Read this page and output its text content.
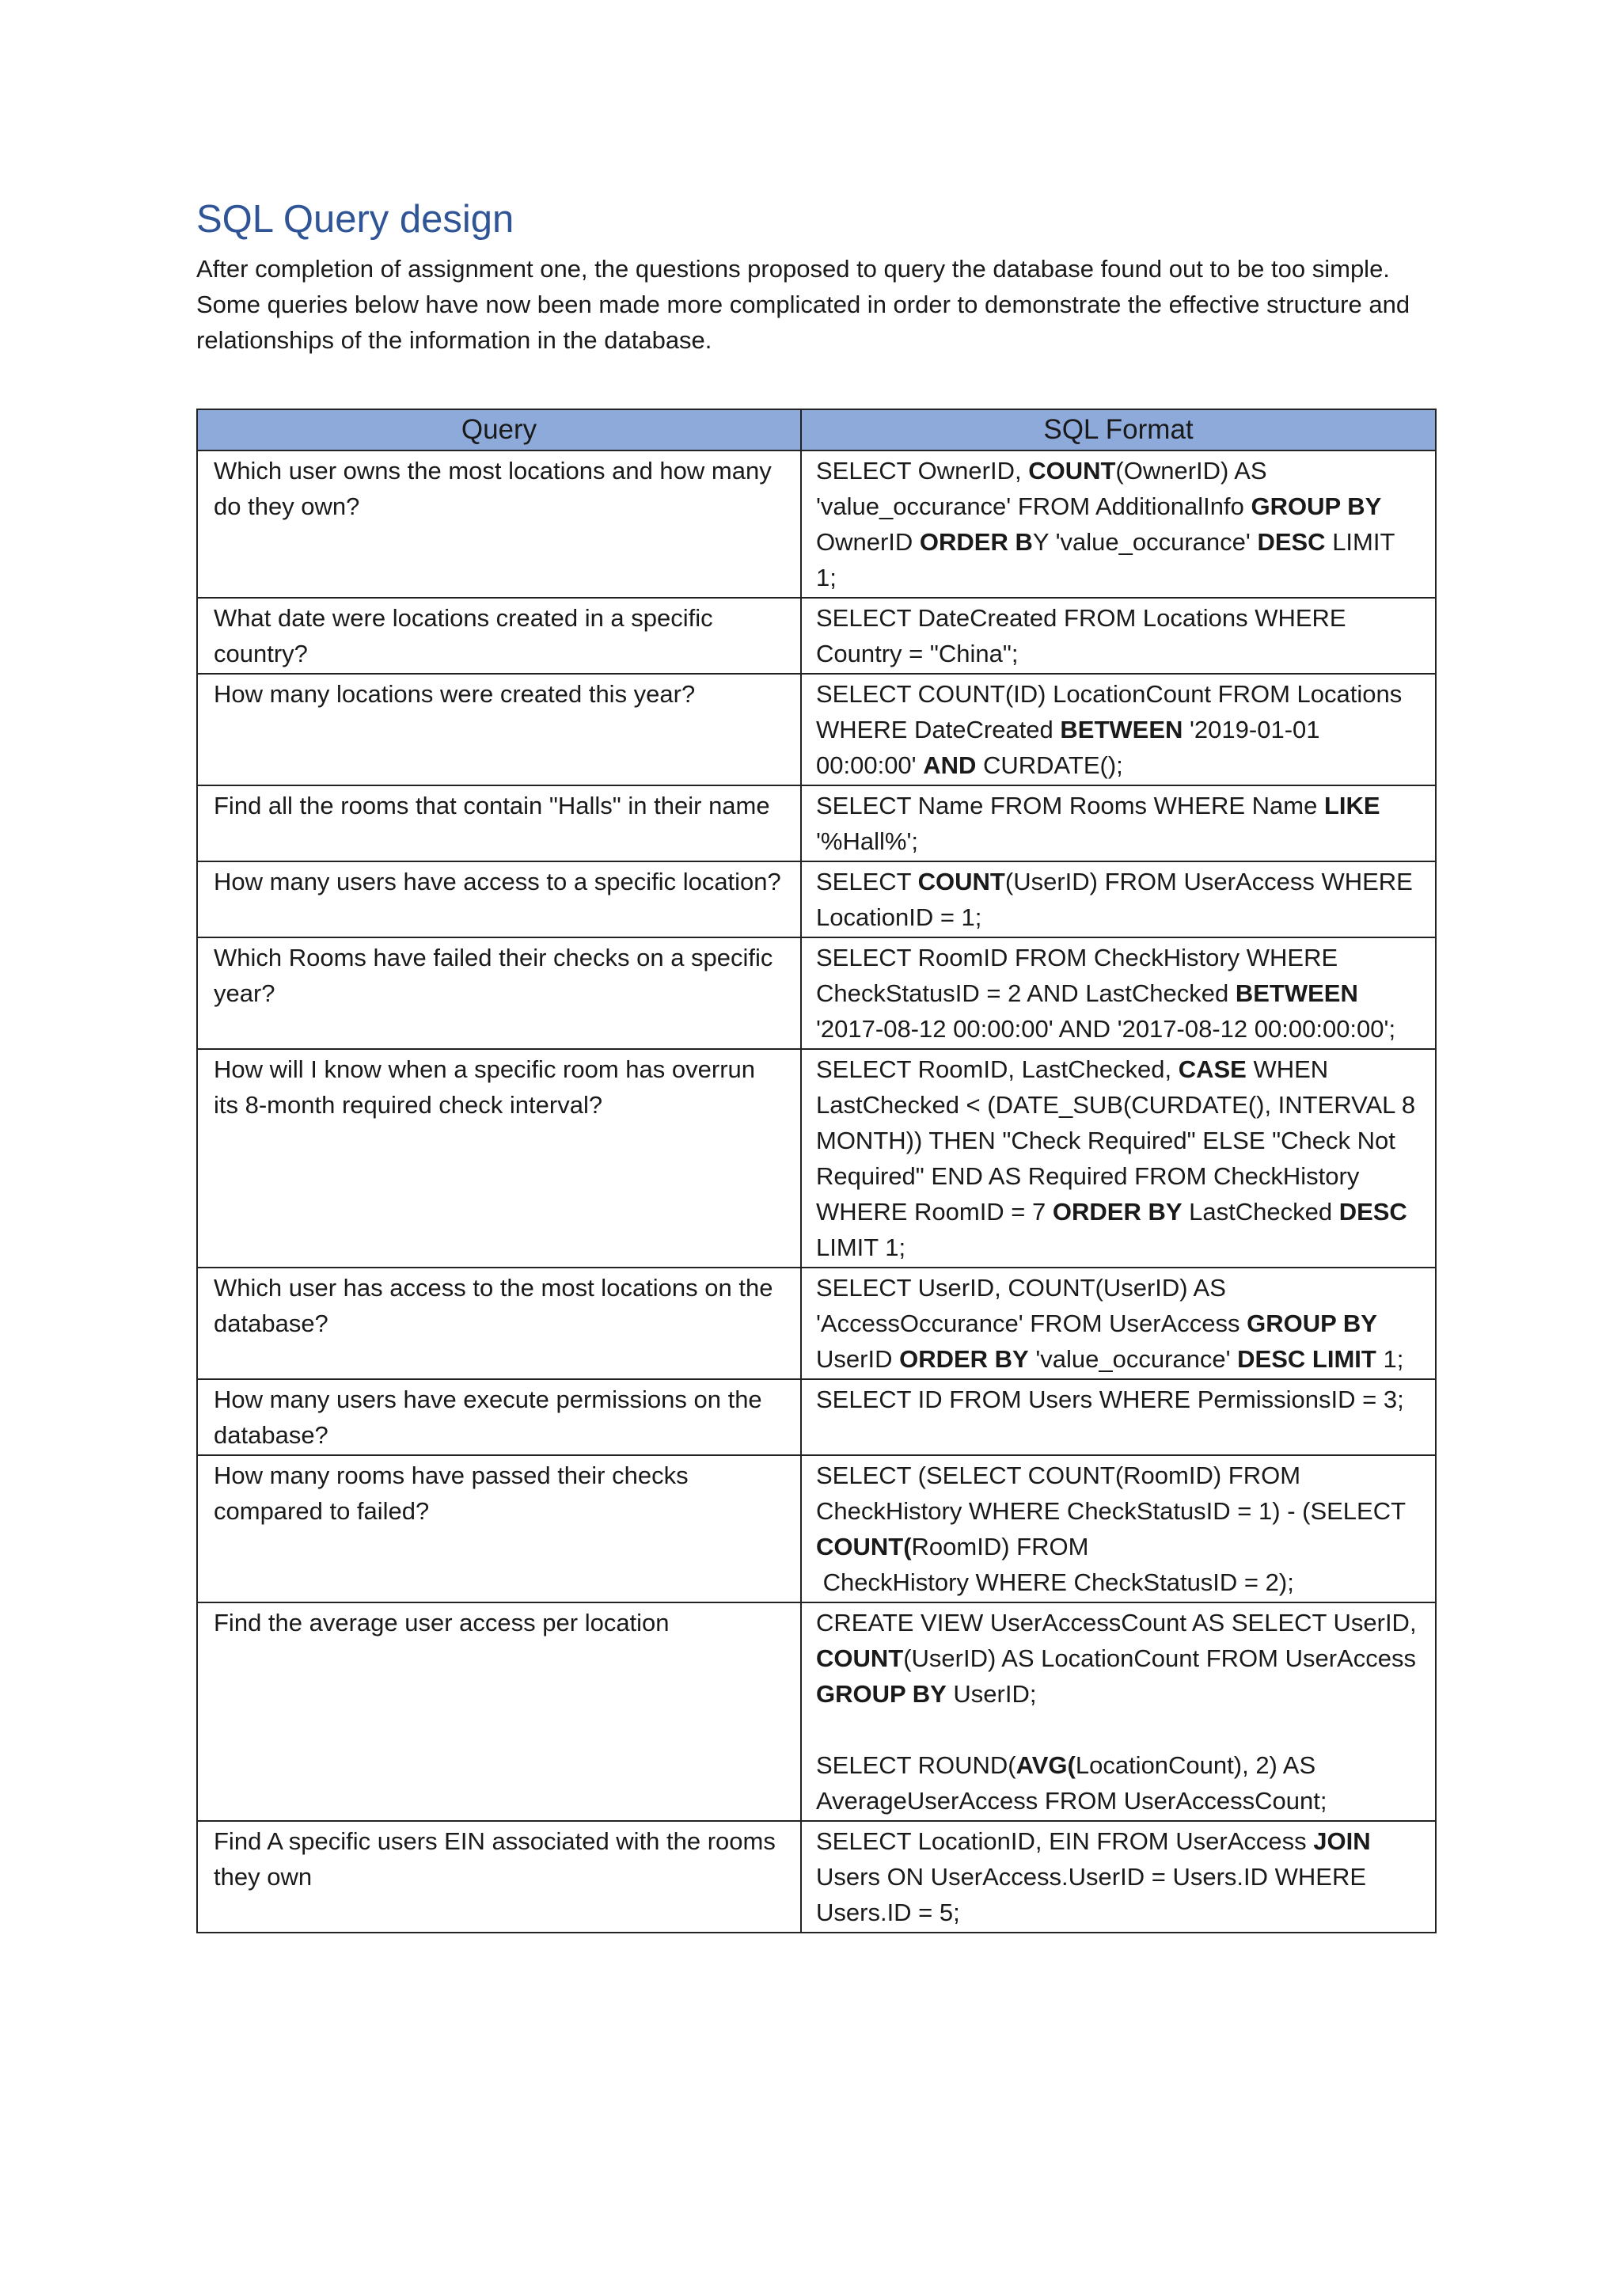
SQL Query design

After completion of assignment one, the questions proposed to query the database found out to be too simple. Some queries below have now been made more complicated in order to demonstrate the effective structure and relationships of the information in the database.

Query	SQL Format
Which user owns the most locations and how many do they own?	SELECT OwnerID, COUNT(OwnerID) AS 'value_occurance' FROM AdditionalInfo GROUP BY OwnerID ORDER BY 'value_occurance' DESC LIMIT 1;
What date were locations created in a specific country?	SELECT DateCreated FROM Locations WHERE Country = "China";
How many locations were created this year?	SELECT COUNT(ID) LocationCount FROM Locations WHERE DateCreated BETWEEN '2019-01-01 00:00:00' AND CURDATE();
Find all the rooms that contain "Halls" in their name	SELECT Name FROM Rooms WHERE Name LIKE '%Hall%';
How many users have access to a specific location?	SELECT COUNT(UserID) FROM UserAccess WHERE LocationID = 1;

Which Rooms have failed their checks on a specific year?	SELECT RoomID FROM CheckHistory WHERE CheckStatusID = 2 AND LastChecked BETWEEN '2017-08-12 00:00:00' AND '2017-08-12 00:00:00:00';
How will I know when a specific room has overrun its 8-month required check interval?	SELECT RoomID, LastChecked, CASE WHEN LastChecked < (DATE_SUB(CURDATE(), INTERVAL 8 MONTH)) THEN "Check Required" ELSE "Check Not Required" END AS Required FROM CheckHistory WHERE RoomID = 7 ORDER BY LastChecked DESC LIMIT 1;
Which user has access to the most locations on the database?	SELECT UserID, COUNT(UserID) AS 'AccessOccurance' FROM UserAccess GROUP BY UserID ORDER BY 'value_occurance' DESC LIMIT 1;
How many users have execute permissions on the database?	SELECT ID FROM Users WHERE PermissionsID = 3;
How many rooms have passed their checks compared to failed?	SELECT (SELECT COUNT(RoomID) FROM CheckHistory WHERE CheckStatusID = 1) - (SELECT COUNT(RoomID) FROM
CheckHistory WHERE CheckStatusID = 2);
Find the average user access per location	CREATE VIEW UserAccessCount AS SELECT UserID, COUNT(UserID) AS LocationCount FROM UserAccess GROUP BY UserID;

SELECT ROUND(AVG(LocationCount), 2) AS AverageUserAccess FROM UserAccessCount;

Find A specific users EIN associated with the rooms they own	SELECT LocationID, EIN FROM UserAccess JOIN Users ON UserAccess.UserID = Users.ID WHERE Users.ID = 5;
